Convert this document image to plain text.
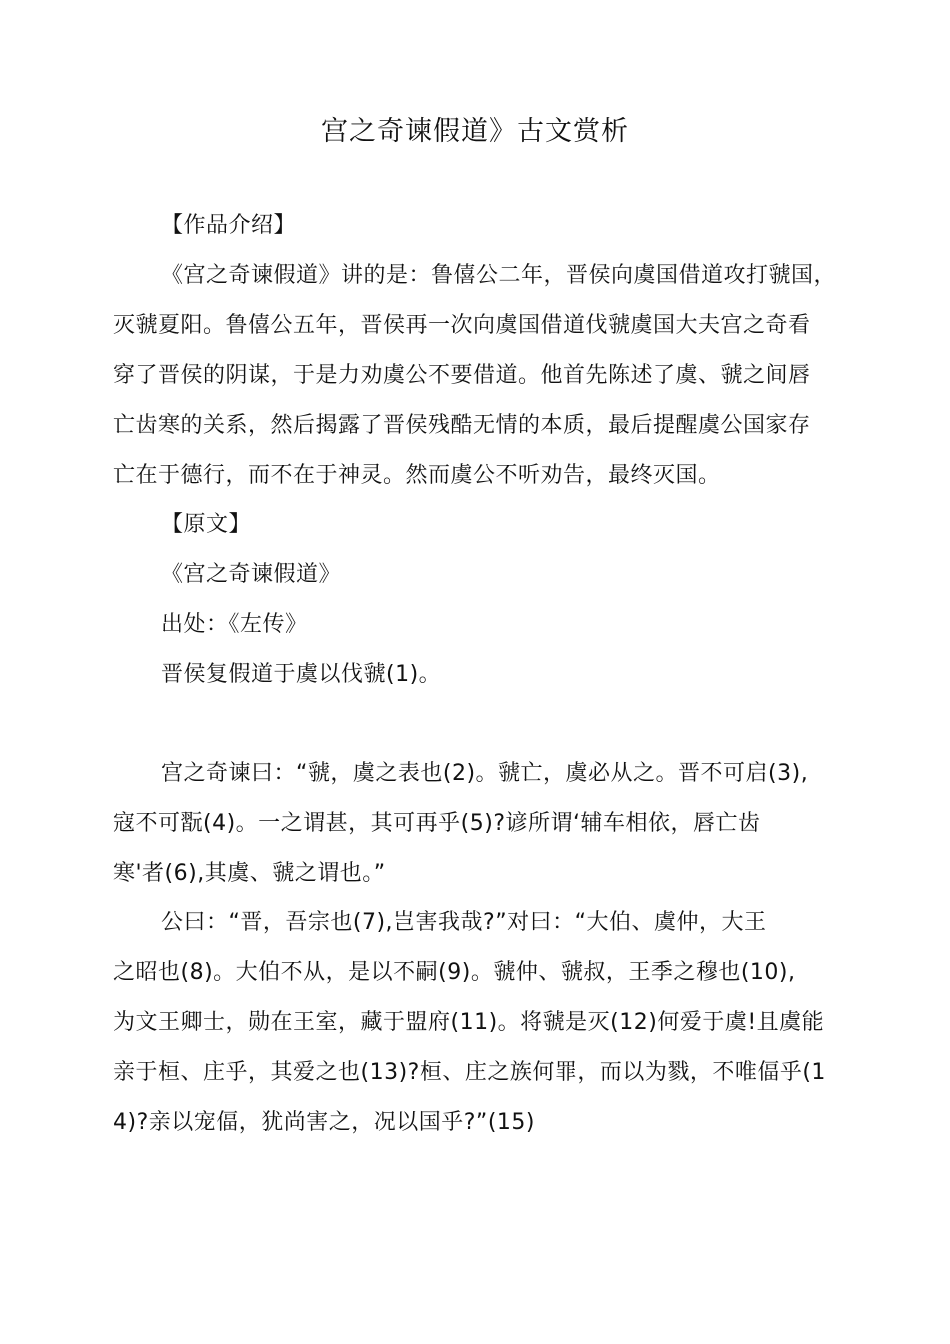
宫之奇谏假道》古文赏析

【作品介绍】

《宫之奇谏假道》讲的是：鲁僖公二年，晋侯向虞国借道攻打虢国，
灭虢夏阳。鲁僖公五年，晋侯再一次向虞国借道伐虢虞国大夫宫之奇看
穿了晋侯的阴谋，于是力劝虞公不要借道。他首先陈述了虞、虢之间唇
亡齿寒的关系，然后揭露了晋侯残酷无情的本质，最后提醒虞公国家存
亡在于德行，而不在于神灵。然而虞公不听劝告，最终灭国。

【原文】

《宫之奇谏假道》

出处：《左传》

晋侯复假道于虞以伐虢(1)。

宫之奇谏曰：“虢，虞之表也(2)。虢亡，虞必从之。晋不可启(3),
寇不可翫(4)。一之谓甚，其可再乎(5)?谚所谓‘辅车相依，唇亡齿
寒'者(6),其虞、虢之谓也。”
公曰：“晋，吾宗也(7),岂害我哉?”对曰：“大伯、虞仲，大王
之昭也(8)。大伯不从，是以不嗣(9)。虢仲、虢叔，王季之穆也(10),
为文王卿士，勋在王室，藏于盟府(11)。将虢是灭(12)何爱于虞!且虞能
亲于桓、庄乎，其爱之也(13)?桓、庄之族何罪，而以为戮，不唯偪乎(1
4)?亲以宠偪，犹尚害之，况以国乎?”(15)
